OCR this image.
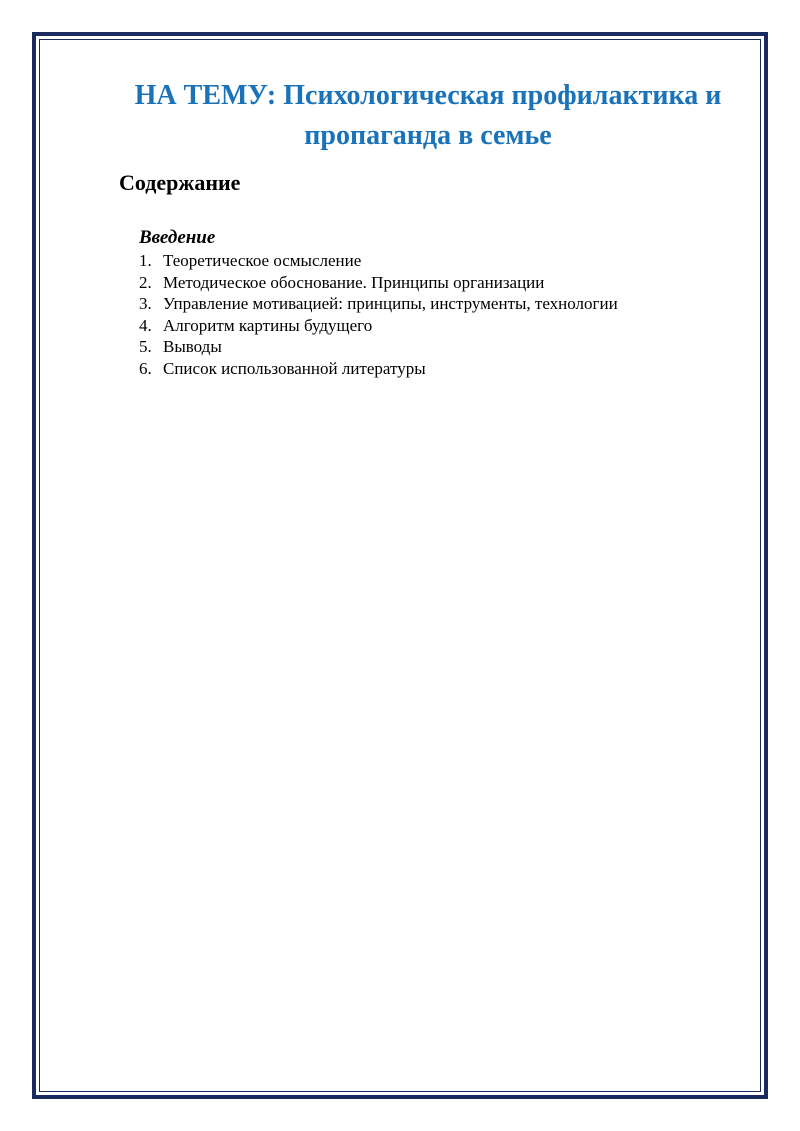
НА ТЕМУ: Психологическая профилактика и пропаганда в семье
Содержание
Введение
1. Теоретическое осмысление
2. Методическое обоснование. Принципы организации
3. Управление мотивацией: принципы, инструменты, технологии
4. Алгоритм картины будущего
5. Выводы
6. Список использованной литературы
